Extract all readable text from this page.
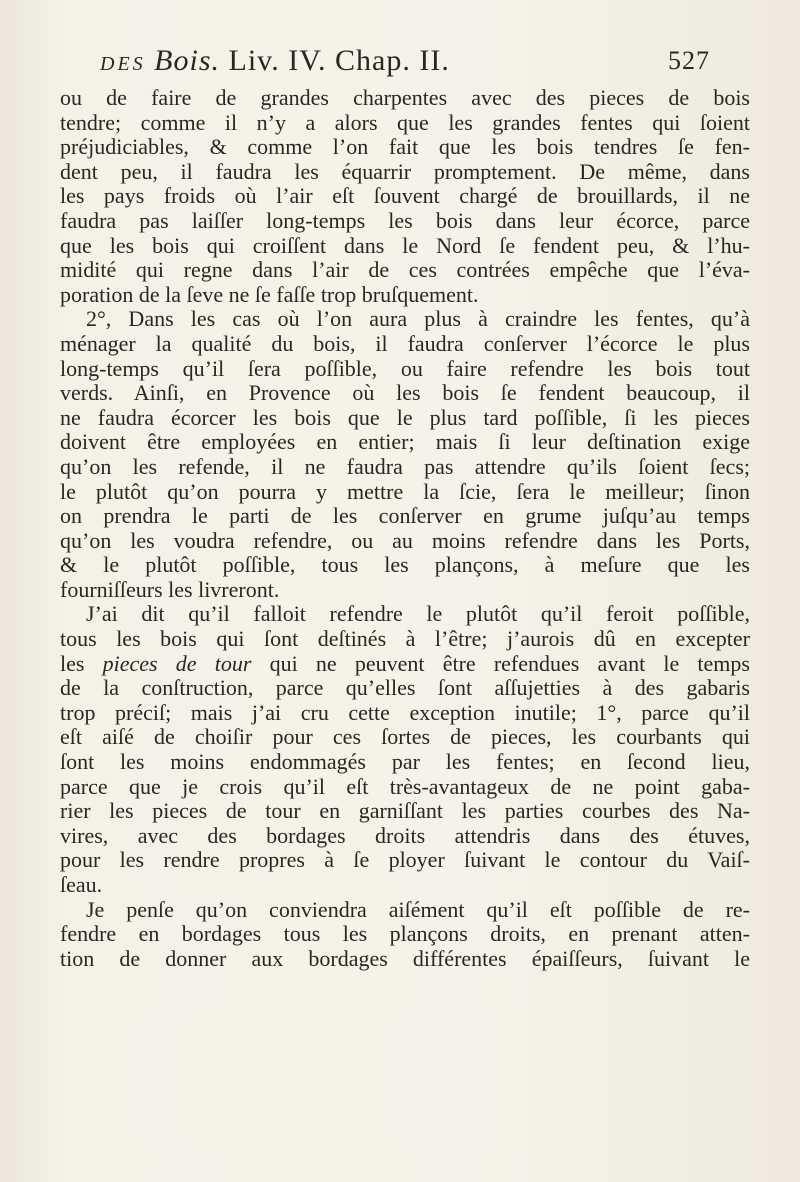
DES Bois. Liv. IV. Chap. II.	527
ou de faire de grandes charpentes avec des pieces de bois
tendre; comme il n’y a alors que les grandes fentes qui ſoient
préjudiciables, & comme l’on fait que les bois tendres ſe fen-
dent peu, il faudra les équarrir promptement. De même, dans
les pays froids où l’air eſt ſouvent chargé de brouillards, il ne
faudra pas laiſſer long-temps les bois dans leur écorce, parce
que les bois qui croiſſent dans le Nord ſe fendent peu, & l’hu-
midité qui regne dans l’air de ces contrées empêche que l’éva-
poration de la ſeve ne ſe faſſe trop bruſquement.
2°, Dans les cas où l’on aura plus à craindre les fentes, qu’à
ménager la qualité du bois, il faudra conſerver l’écorce le plus
long-temps qu’il ſera poſſible, ou faire refendre les bois tout
verds. Ainſi, en Provence où les bois ſe fendent beaucoup, il
ne faudra écorcer les bois que le plus tard poſſible, ſi les pieces
doivent être employées en entier; mais ſi leur deſtination exige
qu’on les refende, il ne faudra pas attendre qu’ils ſoient ſecs;
le plutôt qu’on pourra y mettre la ſcie, ſera le meilleur; ſinon
on prendra le parti de les conſerver en grume juſqu’au temps
qu’on les voudra refendre, ou au moins refendre dans les Ports,
& le plutôt poſſible, tous les plançons, à meſure que les
fourniſſeurs les livreront.
J’ai dit qu’il falloit refendre le plutôt qu’il feroit poſſible,
tous les bois qui ſont deſtinés à l’être; j’aurois dû en excepter
les pieces de tour qui ne peuvent être refendues avant le temps
de la conſtruction, parce qu’elles ſont aſſujetties à des gabaris
trop préciſ; mais j’ai cru cette exception inutile; 1°, parce qu’il
eſt aiſé de choiſir pour ces ſortes de pieces, les courbants qui
ſont les moins endommagés par les fentes; en ſecond lieu,
parce que je crois qu’il eſt très-avantageux de ne point gaba-
rier les pieces de tour en garniſſant les parties courbes des Na-
vires, avec des bordages droits attendris dans des étuves,
pour les rendre propres à ſe ployer ſuivant le contour du Vaiſ-
ſeau.
Je penſe qu’on conviendra aiſément qu’il eſt poſſible de re-
fendre en bordages tous les plançons droits, en prenant atten-
tion de donner aux bordages différentes épaiſſeurs, ſuivant le
